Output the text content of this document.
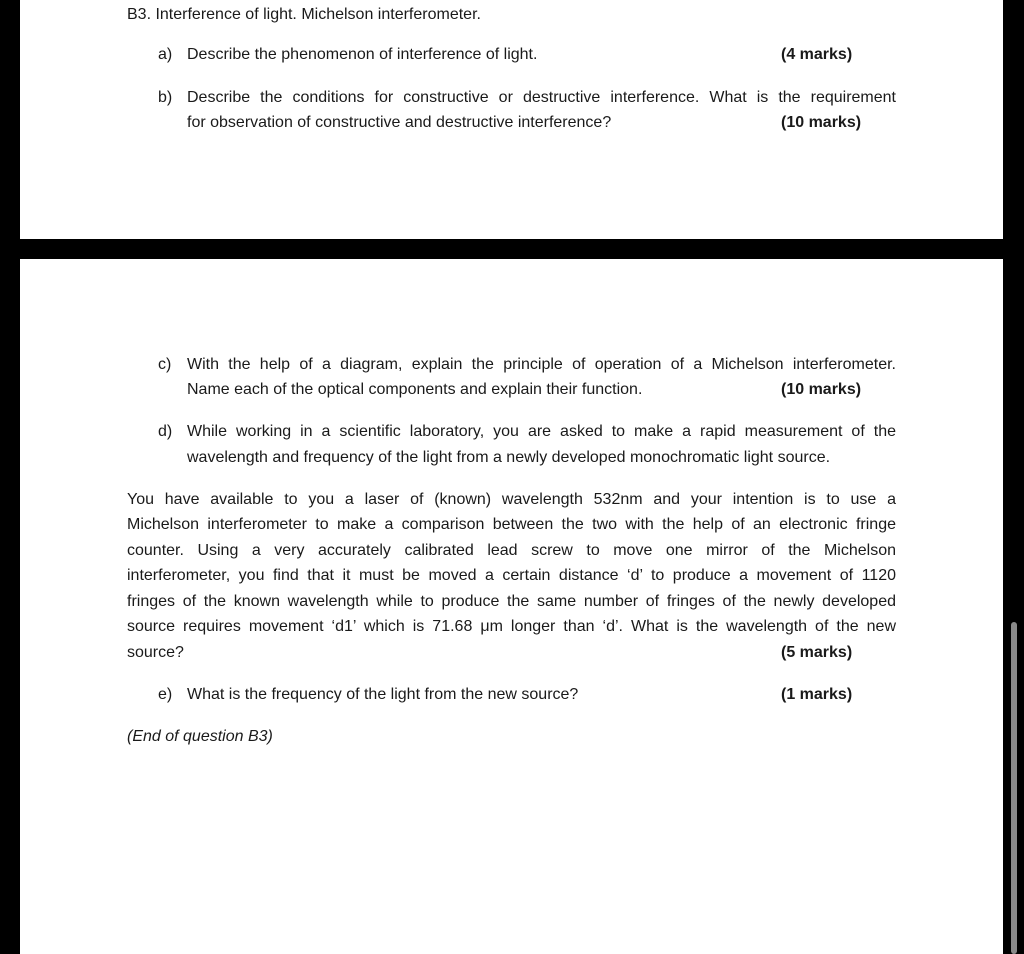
B3. Interference of light. Michelson interferometer.
a) Describe the phenomenon of interference of light.	(4 marks)
b) Describe the conditions for constructive or destructive interference. What is the requirement
for observation of constructive and destructive interference?	(10 marks)
c) With the help of a diagram, explain the principle of operation of a Michelson interferometer.
Name each of the optical components and explain their function.	(10 marks)
d) While working in a scientific laboratory, you are asked to make a rapid measurement of the
wavelength and frequency of the light from a newly developed monochromatic light source.
You have available to you a laser of (known) wavelength 532nm and your intention is to use a
Michelson interferometer to make a comparison between the two with the help of an electronic fringe
counter. Using a very accurately calibrated lead screw to move one mirror of the Michelson
interferometer, you find that it must be moved a certain distance ‘d’ to produce a movement of 1120
fringes of the known wavelength while to produce the same number of fringes of the newly developed
source requires movement ‘d1’ which is 71.68 μm longer than ‘d’. What is the wavelength of the new
source?	(5 marks)
e) What is the frequency of the light from the new source?	(1 marks)
(End of question B3)
